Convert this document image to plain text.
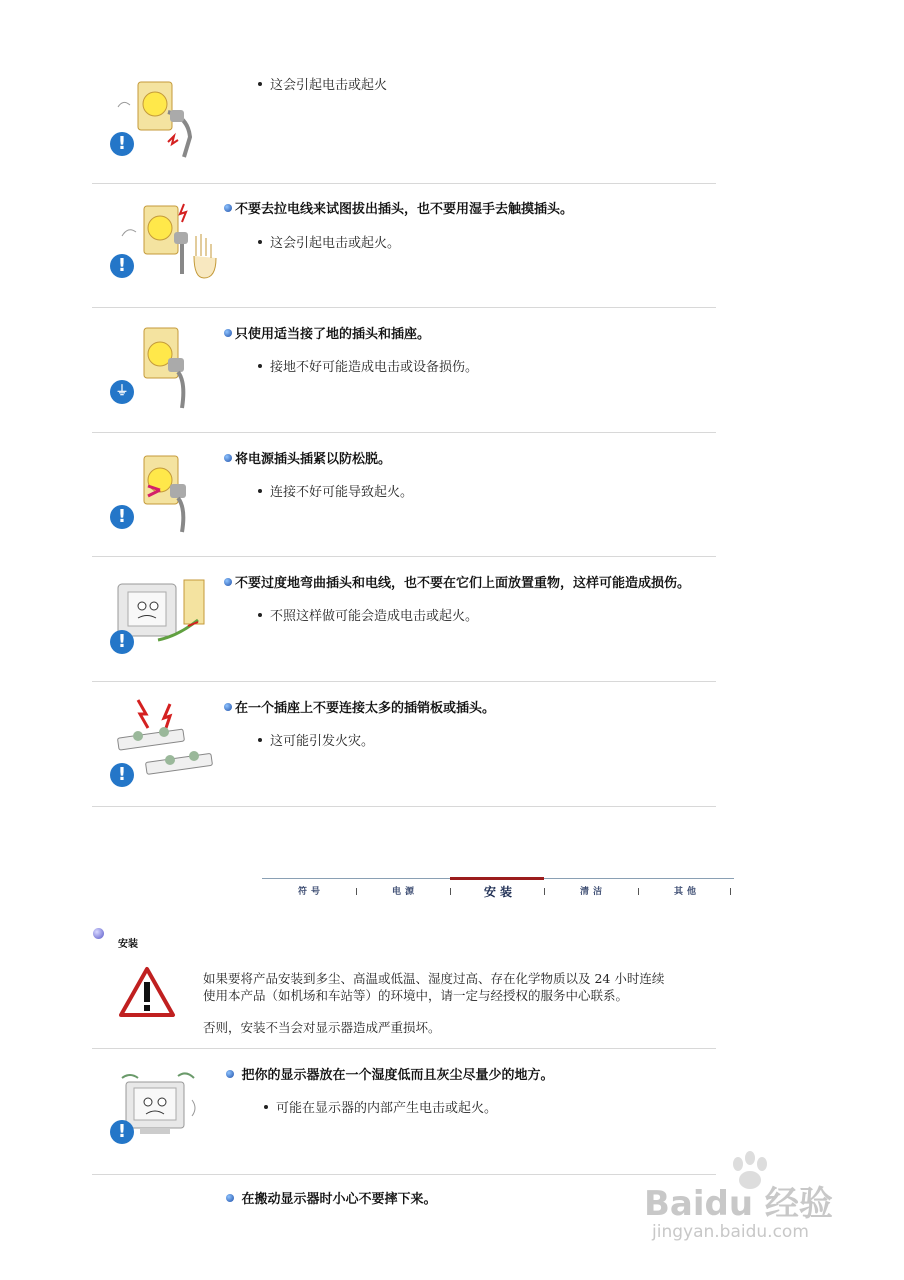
!
这会引起电击或起火
!
不要去拉电线来试图拔出插头，也不要用湿手去触摸插头。
这会引起电击或起火。
⏚
只使用适当接了地的插头和插座。
接地不好可能造成电击或设备损伤。
!
将电源插头插紧以防松脱。
连接不好可能导致起火。
!
不要过度地弯曲插头和电线，也不要在它们上面放置重物，这样可能造成损伤。
不照这样做可能会造成电击或起火。
!
在一个插座上不要连接太多的插销板或插头。
这可能引发火灾。
符号	电源	安装	清洁	其他
安装
如果要将产品安装到多尘、高温或低温、湿度过高、存在化学物质以及 24 小时连续
使用本产品（如机场和车站等）的环境中，请一定与经授权的服务中心联系。
否则，安装不当会对显示器造成严重损坏。
!
把你的显示器放在一个湿度低而且灰尘尽量少的地方。
可能在显示器的内部产生电击或起火。
在搬动显示器时小心不要摔下来。	Baidu 经验
jingyan.baidu.com
